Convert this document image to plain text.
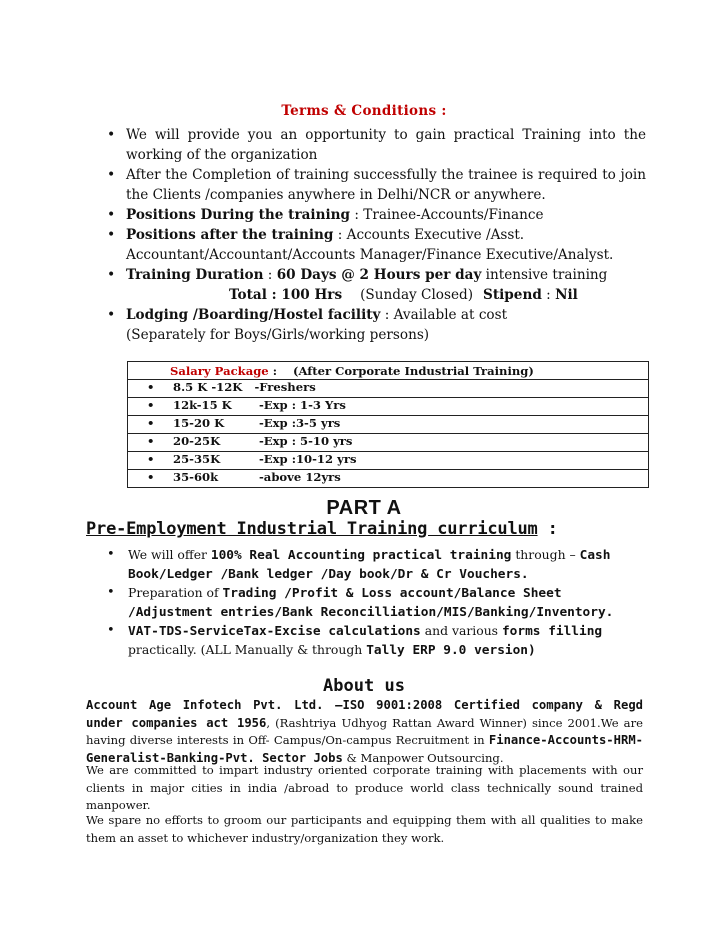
Terms & Conditions :
• We will provide you an opportunity to gain practical Training into the working of the organization
• After the Completion of training successfully the trainee is required to join the Clients /companies anywhere in Delhi/NCR or anywhere.
• Positions During the training : Trainee-Accounts/Finance
• Positions after the training : Accounts Executive /Asst. Accountant/Accountant/Accounts Manager/Finance Executive/Analyst.
• Training Duration : 60 Days @ 2 Hours per day intensive training
Total : 100 Hrs (Sunday Closed) Stipend : Nil
• Lodging /Boarding/Hostel facility : Available at cost
(Separately for Boys/Girls/working persons)
Salary Package : (After Corporate Industrial Training)

• 8.5 K -12K   -Freshers

• 12k-15 K -Exp : 1-3 Yrs

• 15-20 K	-Exp :3-5 yrs

• 20-25K	-Exp : 5-10 yrs

• 25-35K	-Exp :10-12 yrs

• 35-60k	-above 12yrs
PART A
Pre-Employment Industrial Training curriculum :
• We will offer 100% Real Accounting practical training through – Cash Book/Ledger /Bank ledger /Day book/Dr & Cr Vouchers.
• Preparation of Trading /Profit & Loss account/Balance Sheet /Adjustment entries/Bank Reconcilliation/MIS/Banking/Inventory.
• VAT-TDS-ServiceTax-Excise calculations and various forms filling practically. (ALL Manually & through Tally ERP 9.0 version)
About us

Account Age Infotech Pvt. Ltd. –ISO 9001:2008 Certified company & Regd under companies act 1956, (Rashtriya Udhyog Rattan Award Winner) since 2001.We are having diverse interests in Off- Campus/On-campus Recruitment in Finance-Accounts-HRM-Generalist-Banking-Pvt. Sector Jobs & Manpower Outsourcing.

We are committed to impart industry oriented corporate training with placements with our clients in major cities in india /abroad to produce world class technically sound trained manpower.

We spare no efforts to groom our participants and equipping them with all qualities to make them an asset to whichever industry/organization they work.
